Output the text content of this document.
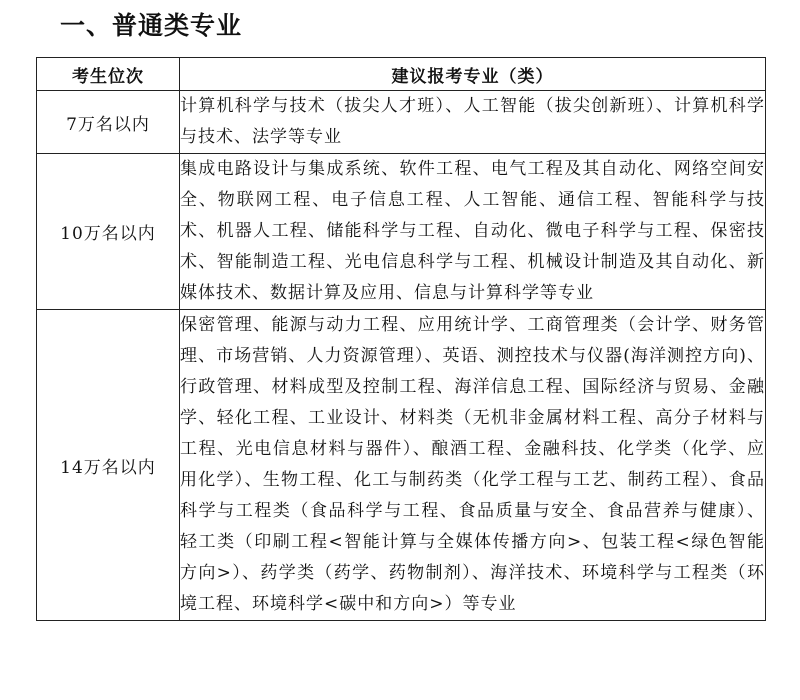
一、普通类专业
考生位次	建议报考专业（类）
7万名以内	计算机科学与技术（拔尖人才班）、人工智能（拔尖创新班）、计算机科学与技术、法学等专业
10万名以内	集成电路设计与集成系统、软件工程、电气工程及其自动化、网络空间安全、物联网工程、电子信息工程、人工智能、通信工程、智能科学与技术、机器人工程、储能科学与工程、自动化、微电子科学与工程、保密技术、智能制造工程、光电信息科学与工程、机械设计制造及其自动化、新媒体技术、数据计算及应用、信息与计算科学等专业
14万名以内	保密管理、能源与动力工程、应用统计学、工商管理类（会计学、财务管理、市场营销、人力资源管理）、英语、测控技术与仪器(海洋测控方向)、行政管理、材料成型及控制工程、海洋信息工程、国际经济与贸易、金融学、轻化工程、工业设计、材料类（无机非金属材料工程、高分子材料与工程、光电信息材料与器件）、酿酒工程、金融科技、化学类（化学、应用化学）、生物工程、化工与制药类（化学工程与工艺、制药工程）、食品科学与工程类（食品科学与工程、食品质量与安全、食品营养与健康）、轻工类（印刷工程<智能计算与全媒体传播方向>、包装工程<绿色智能方向>）、药学类（药学、药物制剂）、海洋技术、环境科学与工程类（环境工程、环境科学<碳中和方向>）等专业
